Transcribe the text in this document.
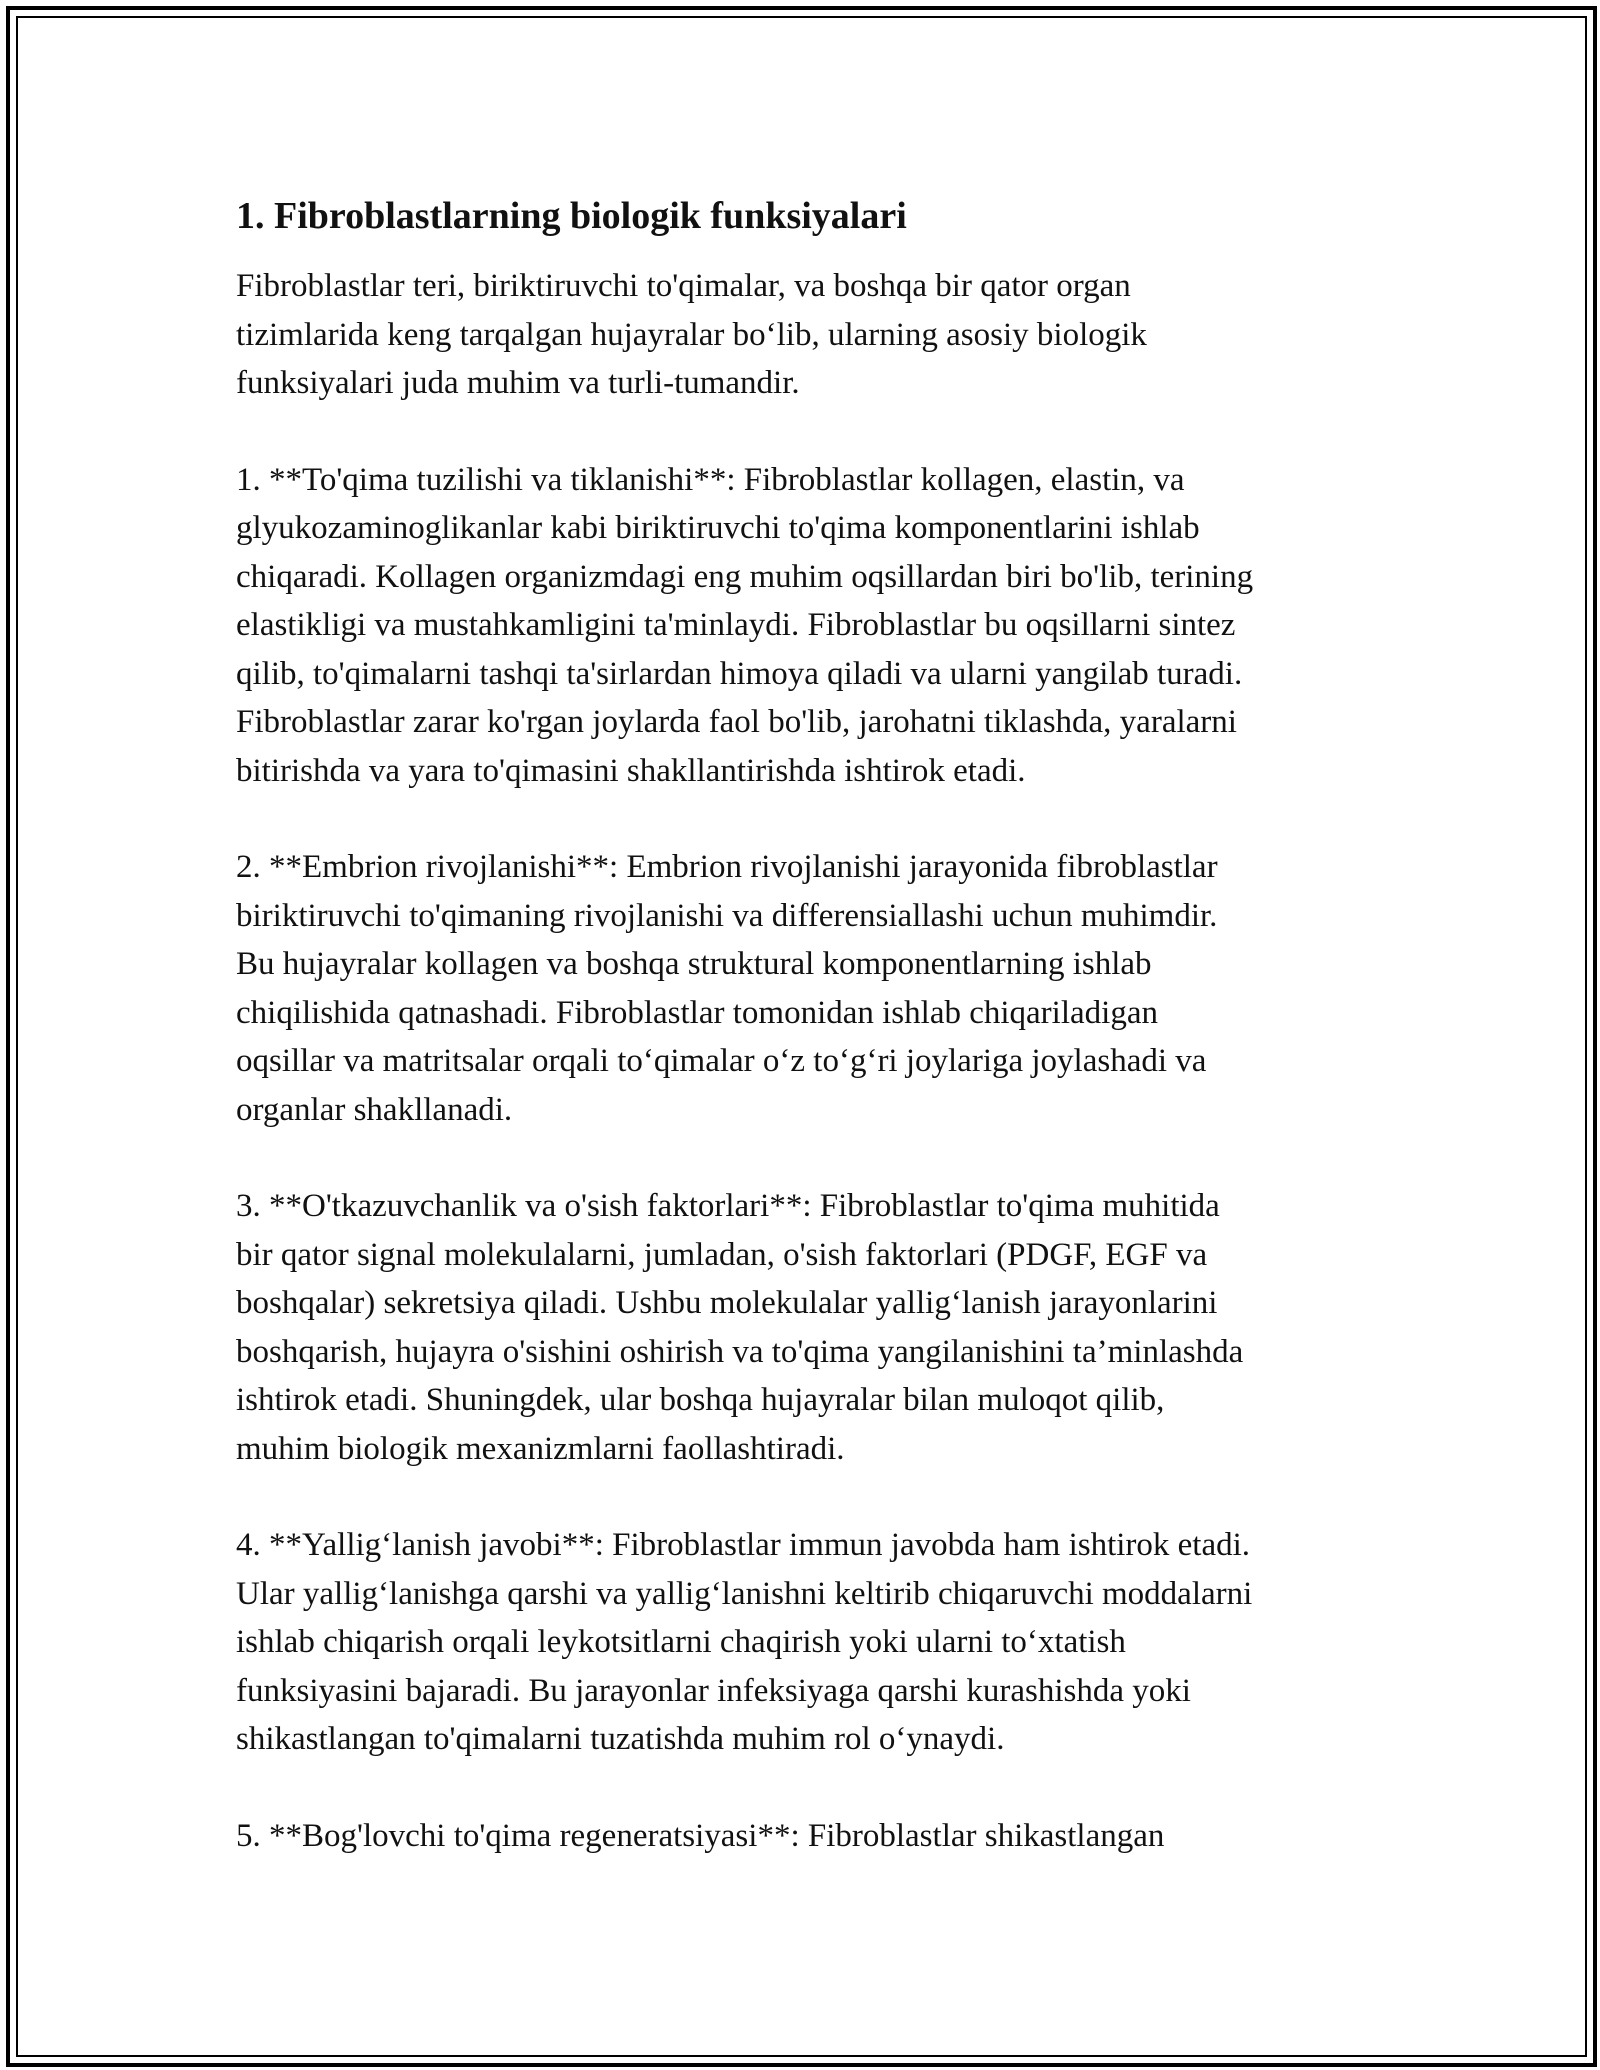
1. Fibroblastlarning biologik funksiyalari

Fibroblastlar teri, biriktiruvchi to'qimalar, va boshqa bir qator organ
tizimlarida keng tarqalgan hujayralar bo‘lib, ularning asosiy biologik
funksiyalari juda muhim va turli-tumandir.

1. **To'qima tuzilishi va tiklanishi**: Fibroblastlar kollagen, elastin, va
glyukozaminoglikanlar kabi biriktiruvchi to'qima komponentlarini ishlab
chiqaradi. Kollagen organizmdagi eng muhim oqsillardan biri bo'lib, terining
elastikligi va mustahkamligini ta'minlaydi. Fibroblastlar bu oqsillarni sintez
qilib, to'qimalarni tashqi ta'sirlardan himoya qiladi va ularni yangilab turadi.
Fibroblastlar zarar ko'rgan joylarda faol bo'lib, jarohatni tiklashda, yaralarni
bitirishda va yara to'qimasini shakllantirishda ishtirok etadi.

2. **Embrion rivojlanishi**: Embrion rivojlanishi jarayonida fibroblastlar
biriktiruvchi to'qimaning rivojlanishi va differensiallashi uchun muhimdir.
Bu hujayralar kollagen va boshqa struktural komponentlarning ishlab
chiqilishida qatnashadi. Fibroblastlar tomonidan ishlab chiqariladigan
oqsillar va matritsalar orqali to‘qimalar o‘z to‘g‘ri joylariga joylashadi va
organlar shakllanadi.

3. **O'tkazuvchanlik va o'sish faktorlari**: Fibroblastlar to'qima muhitida
bir qator signal molekulalarni, jumladan, o'sish faktorlari (PDGF, EGF va
boshqalar) sekretsiya qiladi. Ushbu molekulalar yallig‘lanish jarayonlarini
boshqarish, hujayra o'sishini oshirish va to'qima yangilanishini ta’minlashda
ishtirok etadi. Shuningdek, ular boshqa hujayralar bilan muloqot qilib,
muhim biologik mexanizmlarni faollashtiradi.

4. **Yallig‘lanish javobi**: Fibroblastlar immun javobda ham ishtirok etadi.
Ular yallig‘lanishga qarshi va yallig‘lanishni keltirib chiqaruvchi moddalarni
ishlab chiqarish orqali leykotsitlarni chaqirish yoki ularni to‘xtatish
funksiyasini bajaradi. Bu jarayonlar infeksiyaga qarshi kurashishda yoki
shikastlangan to'qimalarni tuzatishda muhim rol o‘ynaydi.

5. **Bog'lovchi to'qima regeneratsiyasi**: Fibroblastlar shikastlangan
